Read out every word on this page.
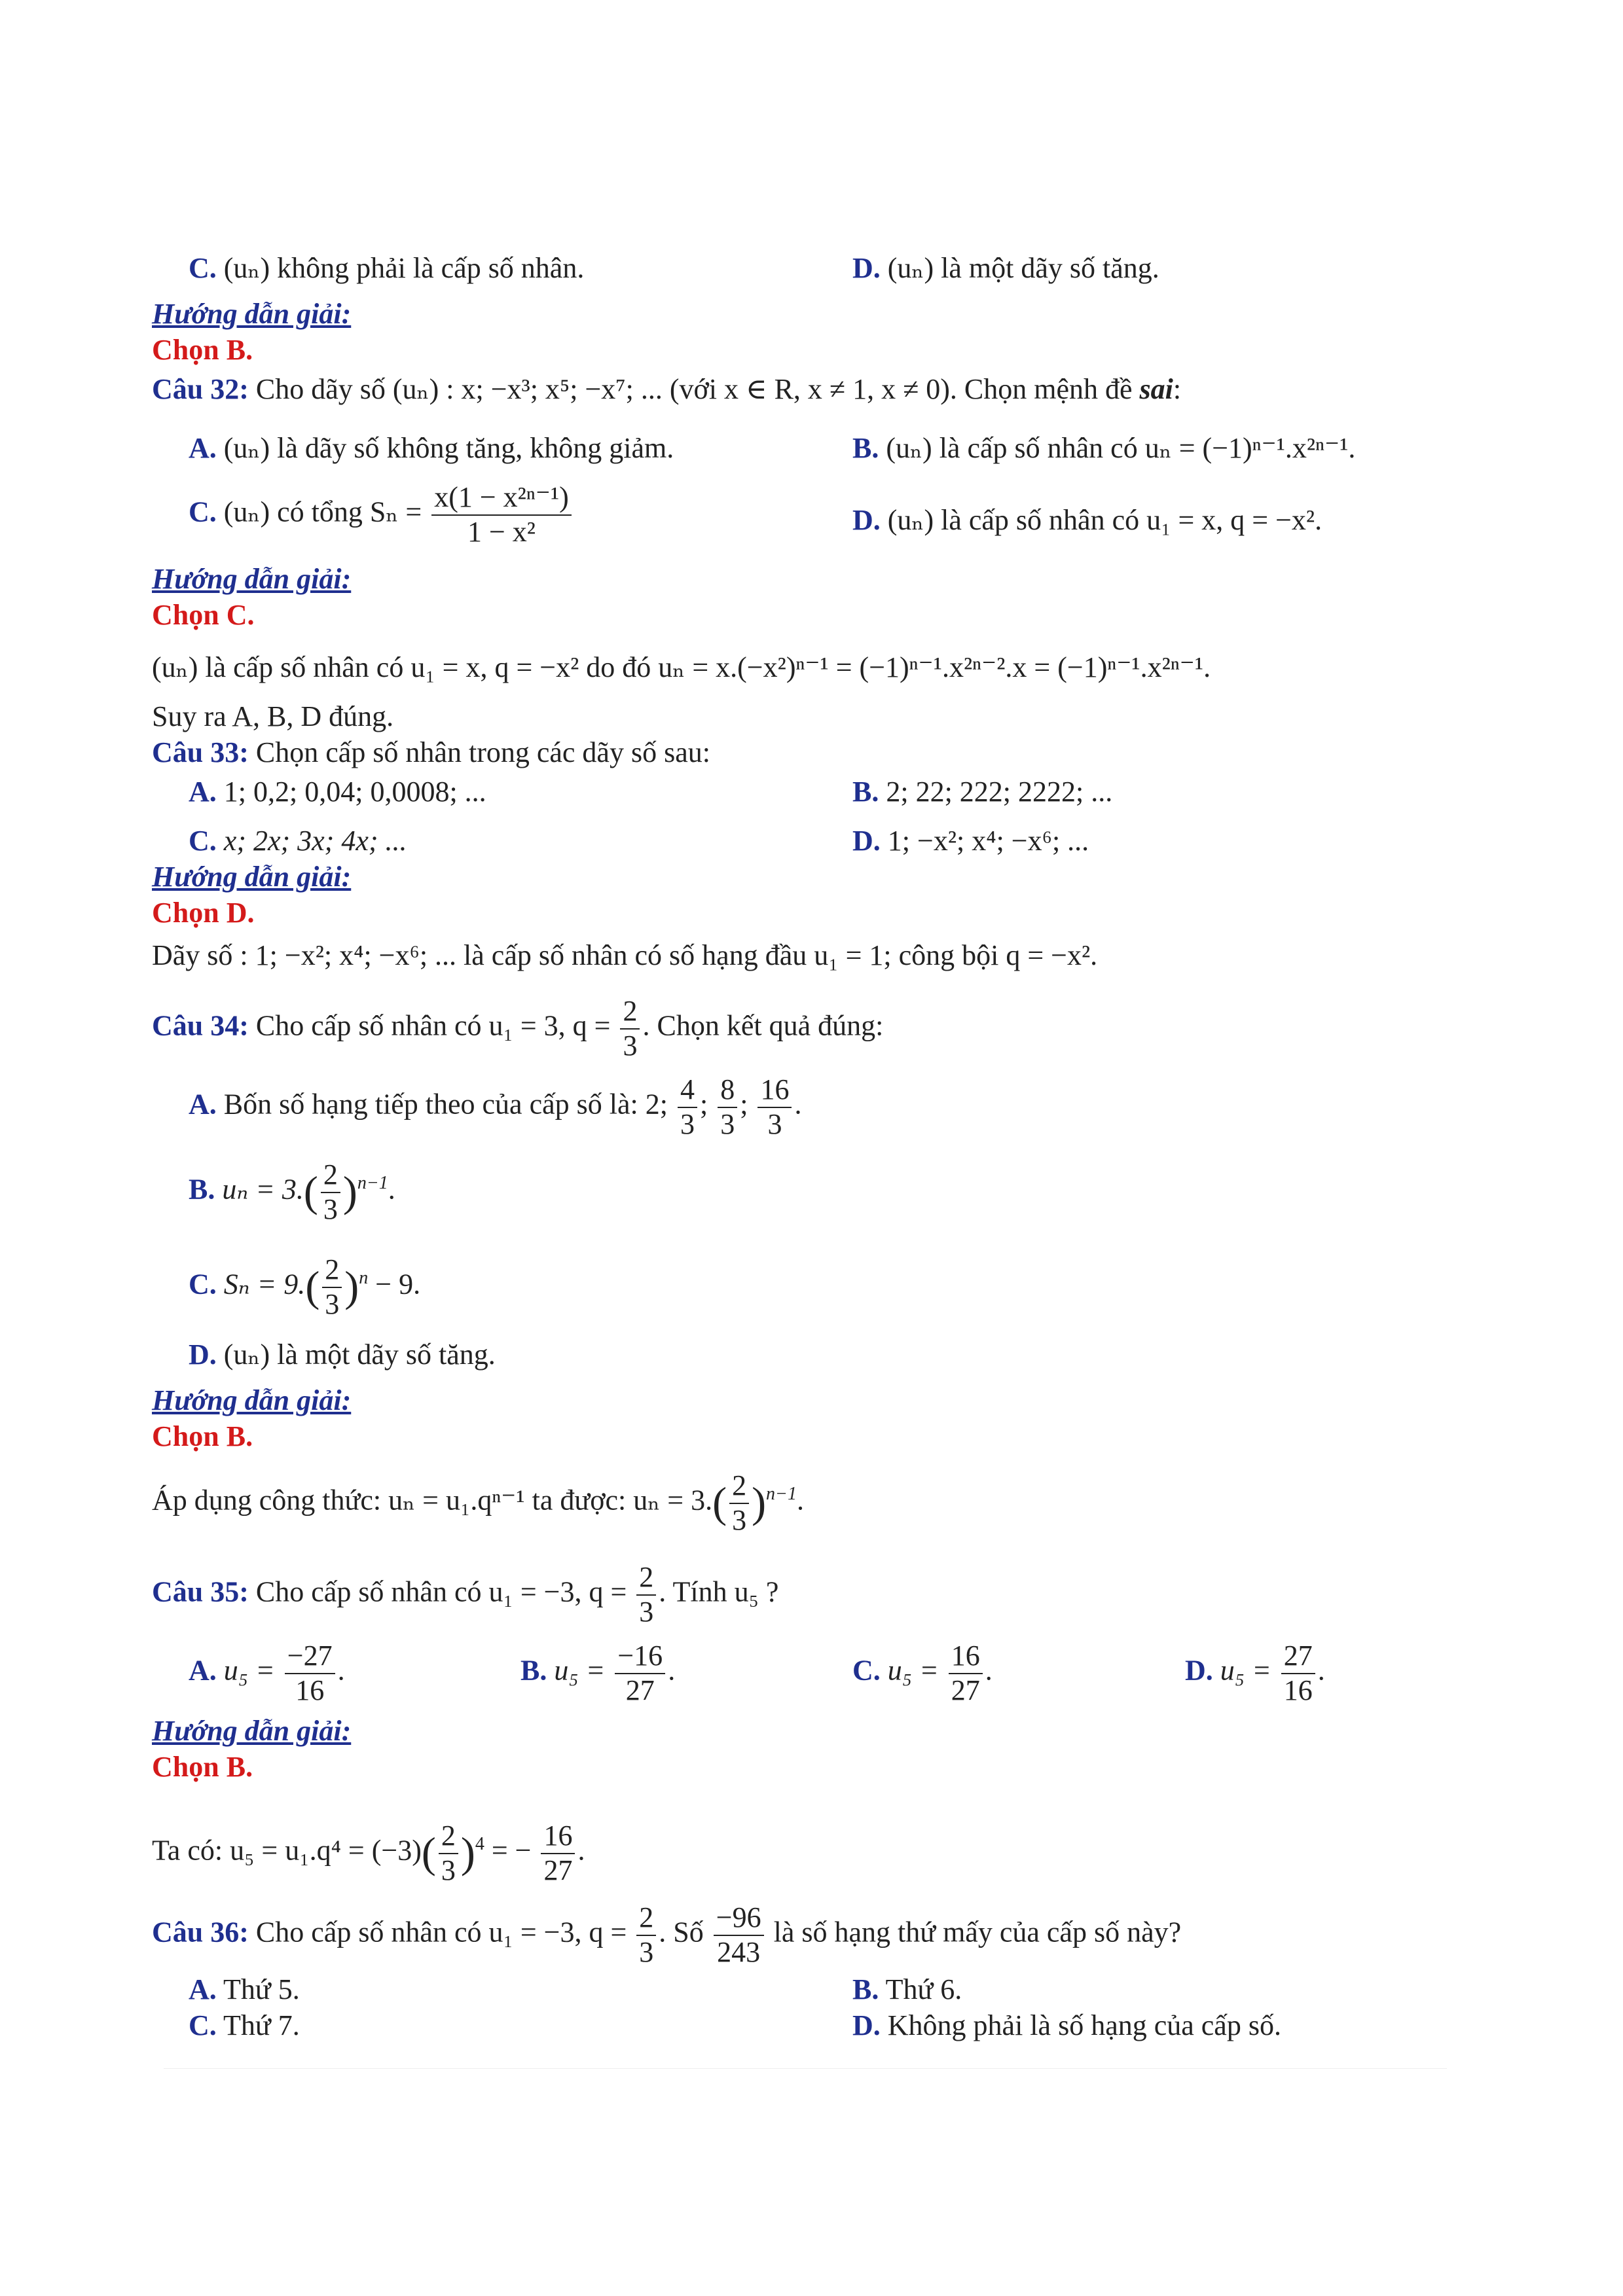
C. (uₙ) không phải là cấp số nhân.	D. (uₙ) là một dãy số tăng.
Hướng dẫn giải:
Chọn B.
Câu 32: Cho dãy số (uₙ) : x; −x³; x⁵; −x⁷; ... (với x ∈ R, x ≠ 1, x ≠ 0). Chọn mệnh đề sai:
A. (uₙ) là dãy số không tăng, không giảm.	B. (uₙ) là cấp số nhân có uₙ = (−1)ⁿ⁻¹.x²ⁿ⁻¹.
C. (uₙ) có tổng $S_n = \frac{\text{x(1 − x²ⁿ⁻¹)}}{\text{1 − x²}}$	D. (uₙ) là cấp số nhân có u₁ = x, q = −x².
Hướng dẫn giải:
Chọn C.
(uₙ) là cấp số nhân có u₁ = x, q = −x² do đó uₙ = x.(−x²)ⁿ⁻¹ = (−1)ⁿ⁻¹.x²ⁿ⁻².x = (−1)ⁿ⁻¹.x²ⁿ⁻¹.
Suy ra A, B, D đúng.
Câu 33: Chọn cấp số nhân trong các dãy số sau:
A. 1; 0,2; 0,04; 0,0008; ...	B. 2; 22; 222; 2222; ...
C. x; 2x; 3x; 4x; ...	D. 1; −x²; x⁴; −x⁶; ...
Hướng dẫn giải:
Chọn D.
Dãy số : 1; −x²; x⁴; −x⁶; ... là cấp số nhân có số hạng đầu u₁ = 1; công bội q = −x².
Câu 34: Cho cấp số nhân có u₁ = 3, $q = \frac{2}{3}$ . Chọn kết quả đúng:
A. Bốn số hạng tiếp theo của cấp số là: 2; $\frac{4}{3}$ ; $\frac{8}{3}$ ; $\frac{16}{3}$ .
B. $u_n = 3.( \frac{2}{3} )^{n-1}$.
C. $S_n = 9.( \frac{2}{3} )^n - 9$.
D. (uₙ) là một dãy số tăng.
Hướng dẫn giải:
Chọn B.
Áp dụng công thức: uₙ = u₁.qⁿ⁻¹ ta được: $u_n = 3.( \frac{2}{3} )^{n-1}$.
Câu 35: Cho cấp số nhân có u₁ = −3, $q = \frac{2}{3}$ . Tính u₅ ?
A. $u_5 = \frac{-27}{16}$ .	B. $u_5 = \frac{-16}{27}$ .	C. $u_5 = \frac{16}{27}$ .	D. $u_5 = \frac{27}{16}$ .
Hướng dẫn giải:
Chọn B.
Ta có: $u_5 = u_1.q^4 = (-3)( \frac{2}{3} )^4$ = − $\frac{16}{27}$ .
Câu 36: Cho cấp số nhân có u₁ = −3, $q = \frac{2}{3}$ . Số $\frac{-96}{243}$ là số hạng thứ mấy của cấp số này?
A. Thứ 5.	B. Thứ 6.
C. Thứ 7.	D. Không phải là số hạng của cấp số.
